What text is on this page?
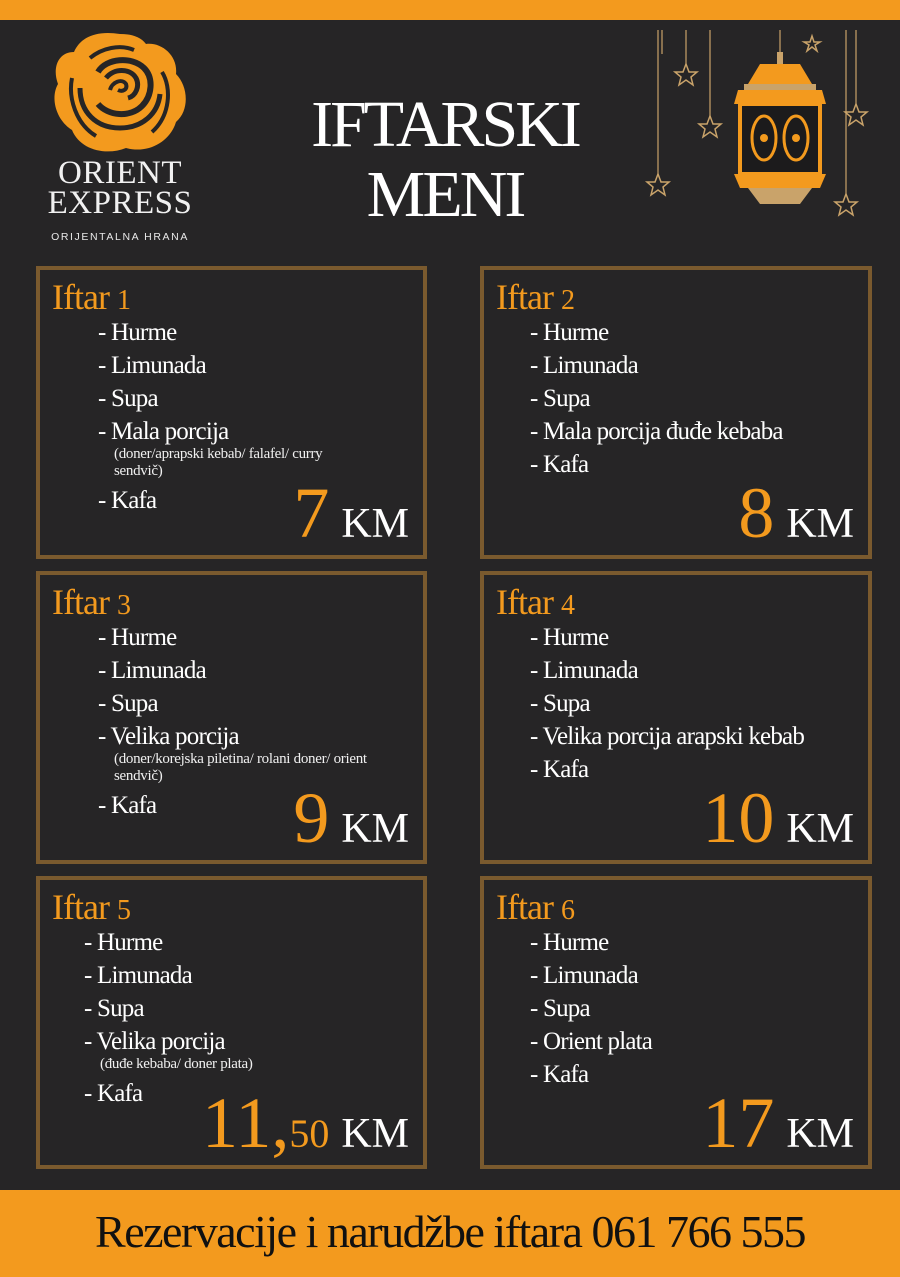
ORIENT
EXPRESS
ORIJENTALNA HRANA
IFTARSKI
MENI
Iftar 1
- Hurme
- Limunada
- Supa
- Mala porcija
(doner/aprapski kebab/ falafel/ curry sendvič)
- Kafa	7 KM
Iftar 2
- Hurme
- Limunada
- Supa
- Mala porcija đuđe kebaba
- Kafa
8 KM
Iftar 3
- Hurme
- Limunada
- Supa
- Velika porcija
(doner/korejska piletina/ rolani doner/ orient sendvič)
- Kafa	9 KM
Iftar 4
- Hurme
- Limunada
- Supa
- Velika porcija arapski kebab
- Kafa
10 KM
Iftar 5
- Hurme
- Limunada
- Supa
- Velika porcija
(đuđe kebaba/ doner plata)
- Kafa 11, 50 KM
Iftar 6
- Hurme
- Limunada
- Supa
- Orient plata
- Kafa
17 KM
Rezervacije i narudžbe iftara 061 766 555
